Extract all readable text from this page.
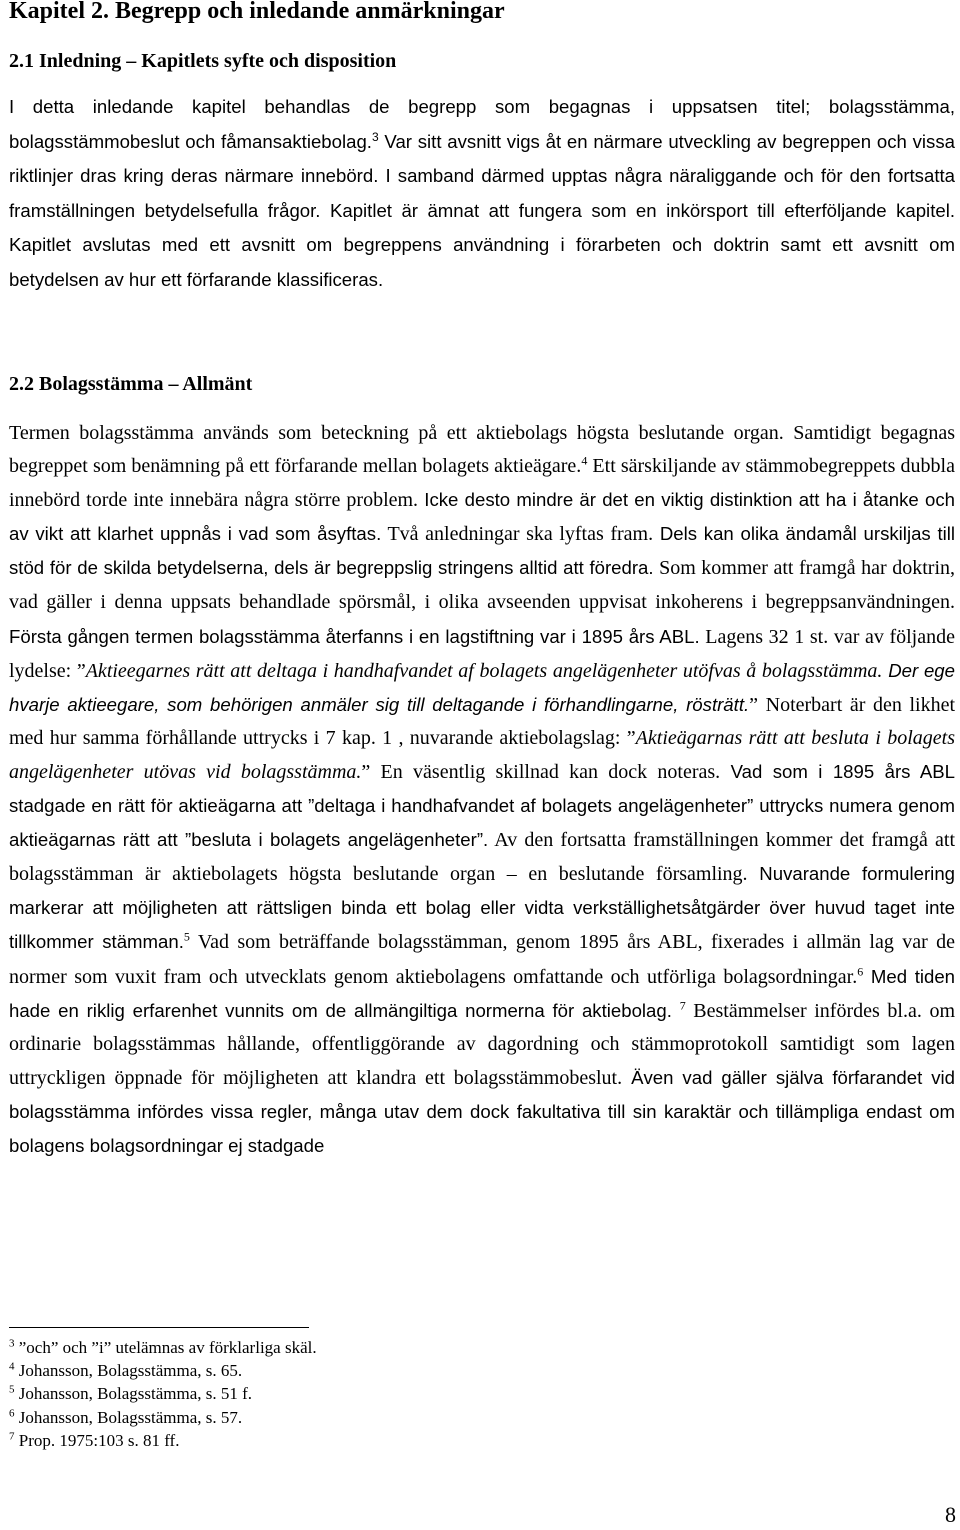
Kapitel 2. Begrepp och inledande anmärkningar
2.1 Inledning – Kapitlets syfte och disposition

I detta inledande kapitel behandlas de begrepp som begagnas i uppsatsen titel; bolagsstämma, bolagsstämmobeslut och fåmansaktiebolag.$^3$ Var sitt avsnitt vigs åt en närmare utveckling av begreppen och vissa riktlinjer dras kring deras närmare innebörd. I samband därmed upptas några näraliggande och för den fortsatta framställningen betydelsefulla frågor. Kapitlet är ämnat att fungera som en inkörsport till efterföljande kapitel. Kapitlet avslutas med ett avsnitt om begreppens användning i förarbeten och doktrin samt ett avsnitt om betydelsen av hur ett förfarande klassificeras.

2.2 Bolagsstämma – Allmänt

Termen bolagsstämma används som beteckning på ett aktiebolags högsta beslutande organ. Samtidigt begagnas begreppet som benämning på ett förfarande mellan bolagets aktieägare.$^4$ Ett särskiljande av stämmobegreppets dubbla innebörd torde inte innebära några större problem. Icke desto mindre är det en viktig distinktion att ha i åtanke och av vikt att klarhet uppnås i vad som åsyftas. Två anledningar ska lyftas fram. Dels kan olika ändamål urskiljas till stöd för de skilda betydelserna, dels är begreppslig stringens alltid att föredra. Som kommer att framgå har doktrin, vad gäller i denna uppsats behandlade spörsmål, i olika avseenden uppvisat inkoherens i begreppsanvändningen. Första gången termen bolagsstämma återfanns i en lagstiftning var i 1895 års ABL. Lagens 32 1 st. var av följande lydelse: ”Aktieegarnes rätt att deltaga i handhafvandet af bolagets angelägenheter utöfvas å bolagsstämma. Der ege hvarje aktieegare, som behörigen anmäler sig till deltagande i förhandlingarne, rösträtt.” Noterbart är den likhet med hur samma förhållande uttrycks i 7 kap. 1 , nuvarande aktiebolagslag: ”Aktieägarnas rätt att besluta i bolagets angelägenheter utövas vid bolagsstämma.” En väsentlig skillnad kan dock noteras. Vad som i 1895 års ABL stadgade en rätt för aktieägarna att ”deltaga i handhafvandet af bolagets angelägenheter” uttrycks numera genom aktieägarnas rätt att ”besluta i bolagets angelägenheter”. Av den fortsatta framställningen kommer det framgå att bolagsstämman är aktiebolagets högsta beslutande organ – en beslutande församling. Nuvarande formulering markerar att möjligheten att rättsligen binda ett bolag eller vidta verkställighetsåtgärder över huvud taget inte tillkommer stämman.$^5$ Vad som beträffande bolagsstämman, genom 1895 års ABL, fixerades i allmän lag var de normer som vuxit fram och utvecklats genom aktiebolagens omfattande och utförliga bolagsordningar.$^6$ Med tiden hade en riklig erfarenhet vunnits om de allmängiltiga normerna för aktiebolag. $^7$ Bestämmelser infördes bl.a. om ordinarie bolagsstämmas hållande, offentliggörande av dagordning och stämmoprotokoll samtidigt som lagen uttryckligen öppnade för möjligheten att klandra ett bolagsstämmobeslut. Även vad gäller själva förfarandet vid bolagsstämma infördes vissa regler, många utav dem dock fakultativa till sin karaktär och tillämpliga endast om bolagens bolagsordningar ej stadgade

$^3$ ”och” och ”i” utelämnas av förklarliga skäl.

$^4$ Johansson, Bolagsstämma, s. 65.

$^5$ Johansson, Bolagsstämma, s. 51 f.

$^6$ Johansson, Bolagsstämma, s. 57.

$^7$ Prop. 1975:103 s. 81 ff.

8
